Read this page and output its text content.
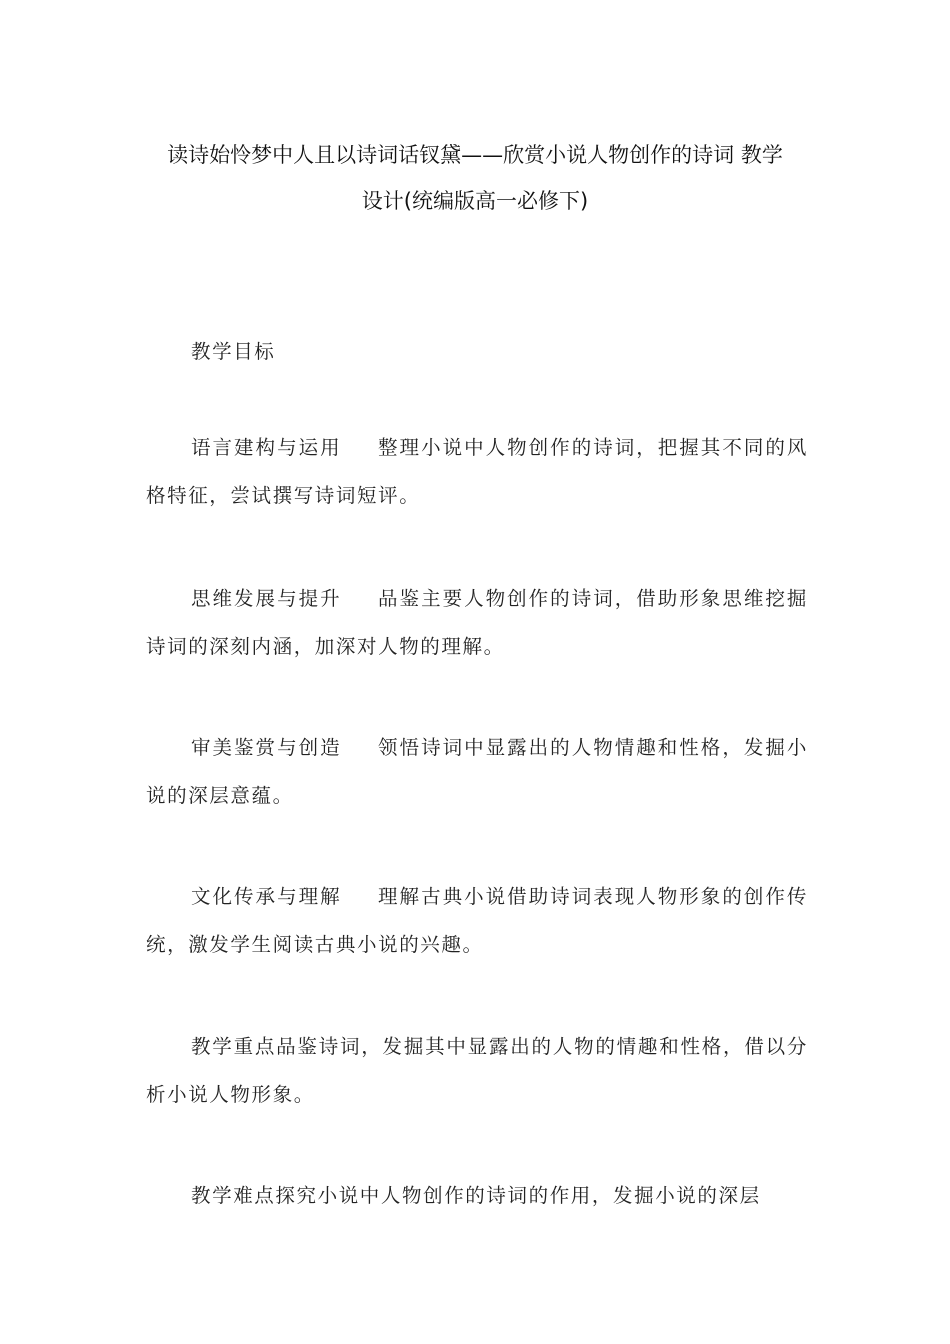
读诗始怜梦中人且以诗词话钗黛——欣赏小说人物创作的诗词 教学
设计(统编版高一必修下)

教学目标

语言建构与运用 整理小说中人物创作的诗词，把握其不同的风格特征，尝试撰写诗词短评。

思维发展与提升 品鉴主要人物创作的诗词，借助形象思维挖掘诗词的深刻内涵，加深对人物的理解。

审美鉴赏与创造 领悟诗词中显露出的人物情趣和性格，发掘小说的深层意蕴。

文化传承与理解 理解古典小说借助诗词表现人物形象的创作传统，激发学生阅读古典小说的兴趣。

教学重点品鉴诗词，发掘其中显露出的人物的情趣和性格，借以分析小说人物形象。

教学难点探究小说中人物创作的诗词的作用，发掘小说的深层
